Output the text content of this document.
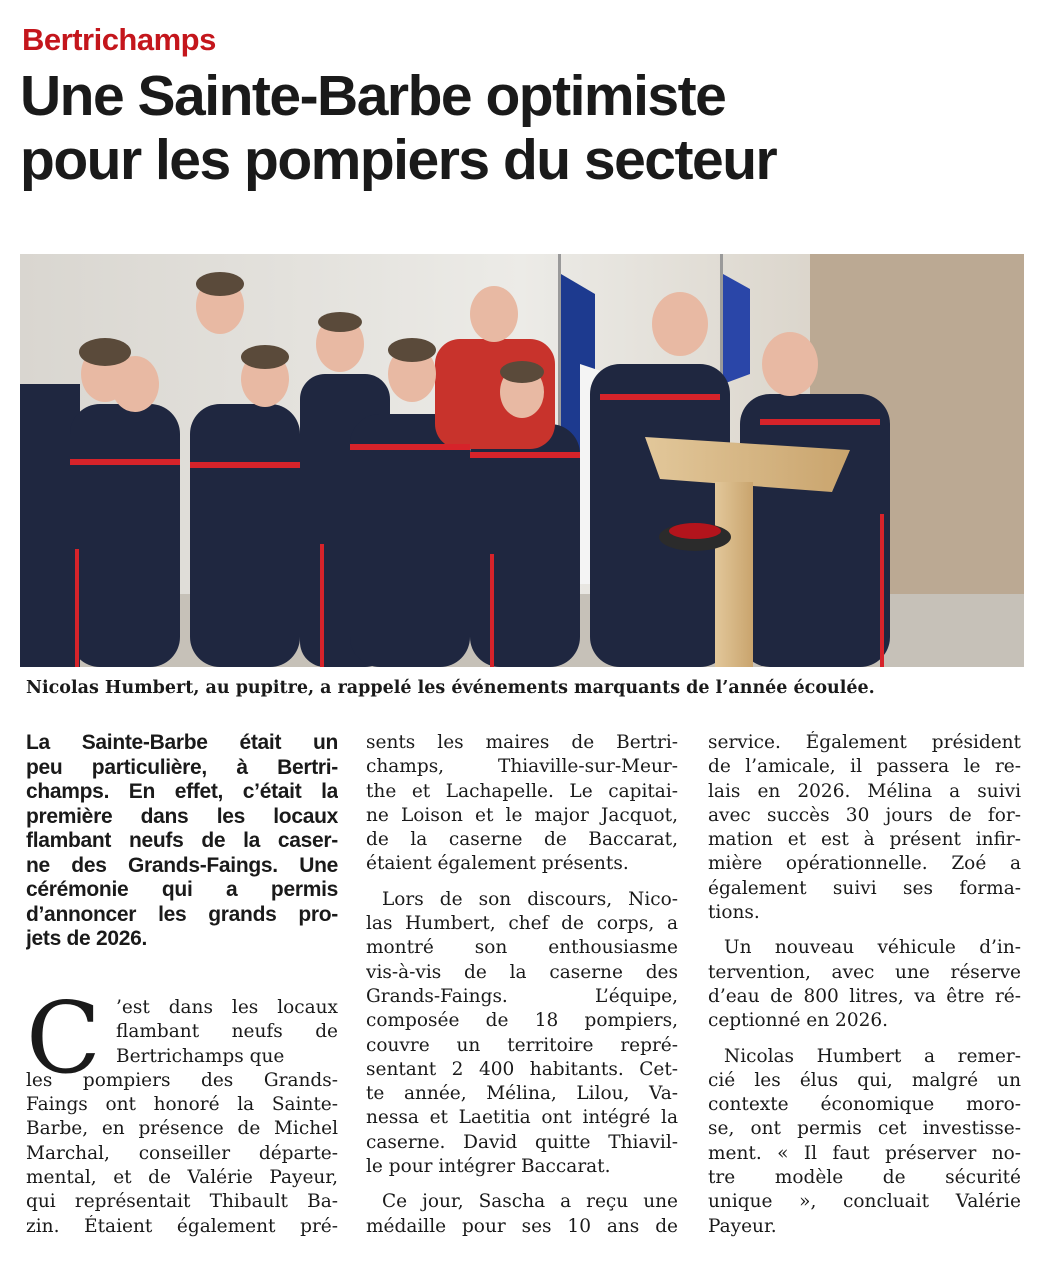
Bertrichamps
Une Sainte-Barbe optimiste
pour les pompiers du secteur
Nicolas Humbert, au pupitre, a rappelé les événements marquants de l’année écoulée.
La Sainte-Barbe était un
peu particulière, à Bertri-
champs. En effet, c’était la
première dans les locaux
flambant neufs de la caser-
ne des Grands-Faings. Une
cérémonie qui a permis
d’annoncer les grands pro-
jets de 2026.
C ’est dans les locaux
flambant neufs de
Bertrichamps que
les pompiers des Grands-
Faings ont honoré la Sainte-
Barbe, en présence de Michel
Marchal, conseiller départe-
mental, et de Valérie Payeur,
qui représentait Thibault Ba-
zin. Étaient également pré-
sents les maires de Bertri-
champs, Thiaville-sur-Meur-
the et Lachapelle. Le capitai-
ne Loison et le major Jacquot,
de la caserne de Baccarat,
étaient également présents.
Lors de son discours, Nico-
las Humbert, chef de corps, a
montré son enthousiasme
vis-à-vis de la caserne des
Grands-Faings. L’équipe,
composée de 18 pompiers,
couvre un territoire repré-
sentant 2 400 habitants. Cet-
te année, Mélina, Lilou, Va-
nessa et Laetitia ont intégré la
caserne. David quitte Thiavil-
le pour intégrer Baccarat.
Ce jour, Sascha a reçu une
médaille pour ses 10 ans de
service. Également président
de l’amicale, il passera le re-
lais en 2026. Mélina a suivi
avec succès 30 jours de for-
mation et est à présent infir-
mière opérationnelle. Zoé a
également suivi ses forma-
tions.
Un nouveau véhicule d’in-
tervention, avec une réserve
d’eau de 800 litres, va être ré-
ceptionné en 2026.
Nicolas Humbert a remer-
cié les élus qui, malgré un
contexte économique moro-
se, ont permis cet investisse-
ment. « Il faut préserver no-
tre modèle de sécurité
unique », concluait Valérie
Payeur.
